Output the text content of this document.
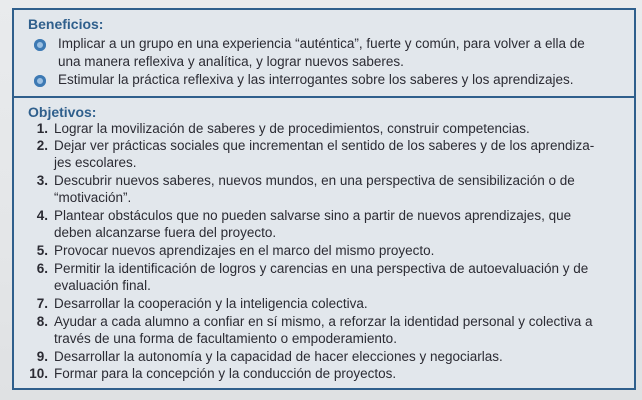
Beneficios:
Implicar a un grupo en una experiencia “auténtica”, fuerte y común, para volver a ella de
una manera reflexiva y analítica, y lograr nuevos saberes.
Estimular la práctica reflexiva y las interrogantes sobre los saberes y los aprendizajes.
Objetivos:
1. Lograr la movilización de saberes y de procedimientos, construir competencias.
2. Dejar ver prácticas sociales que incrementan el sentido de los saberes y de los aprendiza-
jes escolares.
3. Descubrir nuevos saberes, nuevos mundos, en una perspectiva de sensibilización o de
“motivación”.
4. Plantear obstáculos que no pueden salvarse sino a partir de nuevos aprendizajes, que
deben alcanzarse fuera del proyecto.
5. Provocar nuevos aprendizajes en el marco del mismo proyecto.
6. Permitir la identificación de logros y carencias en una perspectiva de autoevaluación y de
evaluación final.
7. Desarrollar la cooperación y la inteligencia colectiva.
8. Ayudar a cada alumno a confiar en sí mismo, a reforzar la identidad personal y colectiva a
través de una forma de facultamiento o empoderamiento.
9. Desarrollar la autonomía y la capacidad de hacer elecciones y negociarlas.
10. Formar para la concepción y la conducción de proyectos.
